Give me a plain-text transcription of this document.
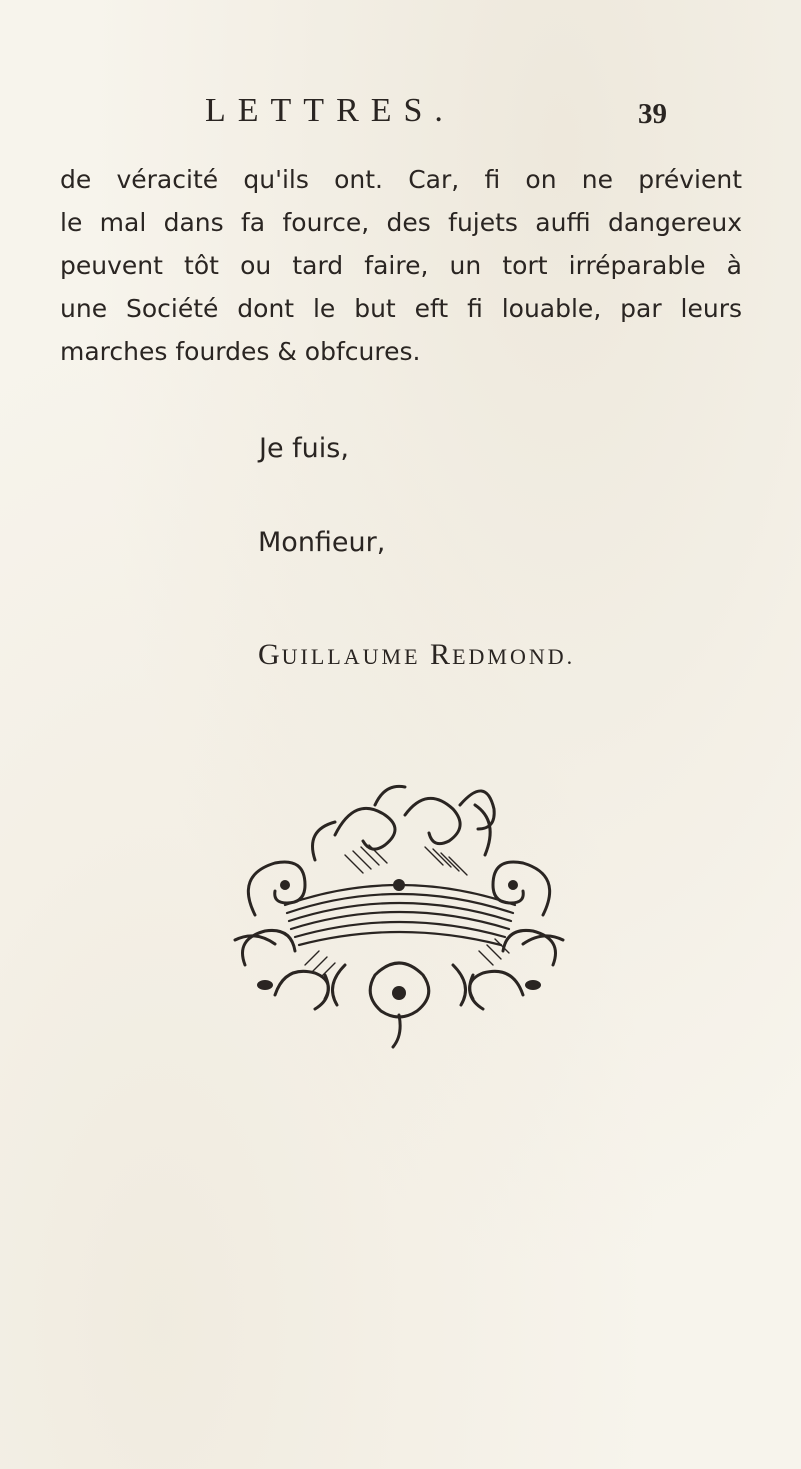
LETTRES.	39
de véracité qu'ils ont. Car, fi on ne prévient
le mal dans fa fource, des fujets auffi dangereux
peuvent tôt ou tard faire, un tort irréparable à
une Société dont le but eft fi louable, par leurs
marches fourdes & obfcures.
Je fuis,
Monfieur,
GUILLAUME REDMOND.
